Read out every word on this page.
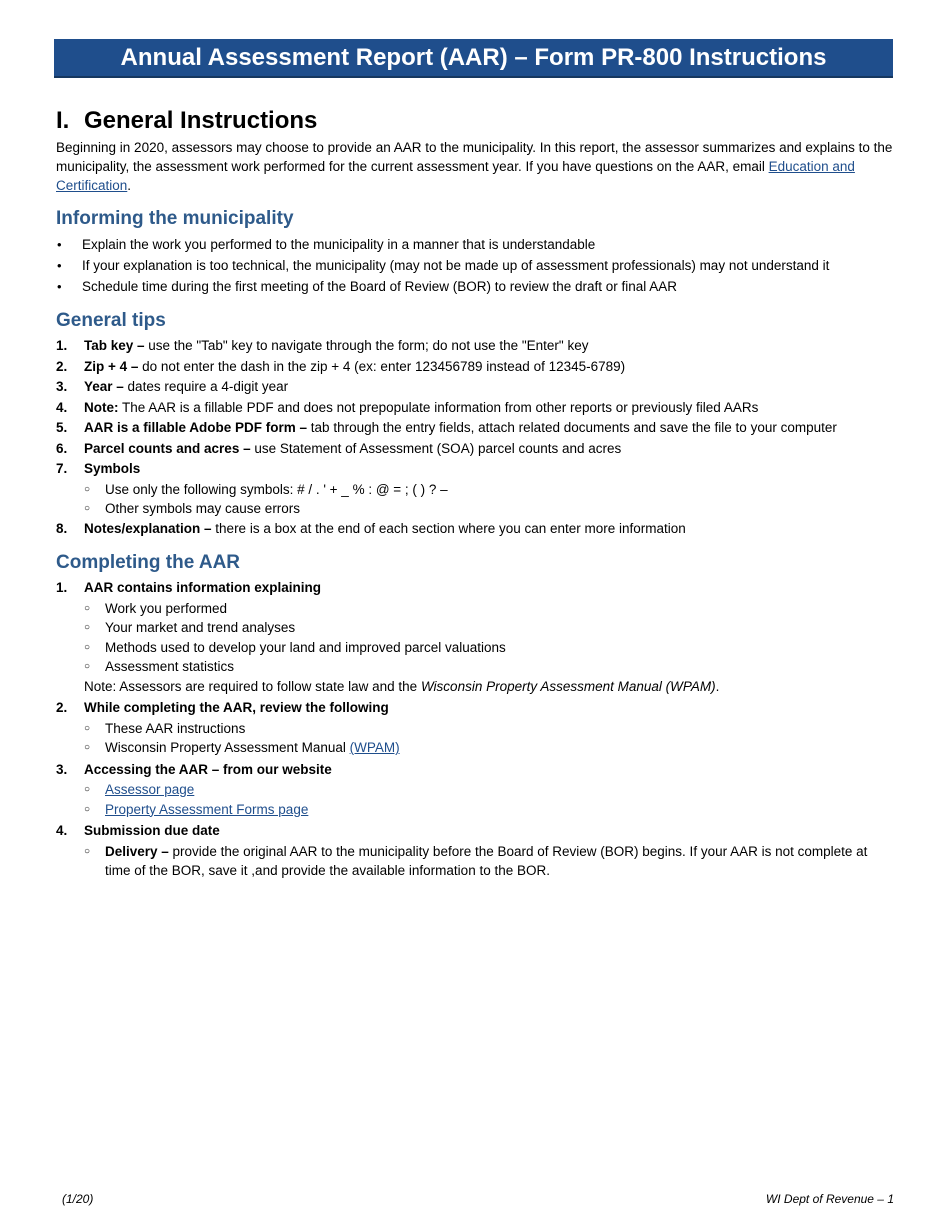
Annual Assessment Report (AAR) – Form PR-800 Instructions
I. General Instructions

Beginning in 2020, assessors may choose to provide an AAR to the municipality. In this report, the assessor summarizes and explains to the municipality, the assessment work performed for the current assessment year. If you have questions on the AAR, email Education and Certification.

Informing the municipality
• Explain the work you performed to the municipality in a manner that is understandable
• If your explanation is too technical, the municipality (may not be made up of assessment professionals) may not understand it
• Schedule time during the first meeting of the Board of Review (BOR) to review the draft or final AAR
General tips
1. Tab key – use the "Tab" key to navigate through the form; do not use the "Enter" key
2. Zip + 4 – do not enter the dash in the zip + 4 (ex: enter 123456789 instead of 12345-6789)
3. Year – dates require a 4-digit year
4. Note: The AAR is a fillable PDF and does not prepopulate information from other reports or previously filed AARs
5. AAR is a fillable Adobe PDF form – tab through the entry fields, attach related documents and save the file to your computer
6. Parcel counts and acres – use Statement of Assessment (SOA) parcel counts and acres
7. Symbols
○ Use only the following symbols: # / . ' + _ % : @ = ; ( ) ? –
○ Other symbols may cause errors
8. Notes/explanation – there is a box at the end of each section where you can enter more information
Completing the AAR
1. AAR contains information explaining
○ Work you performed
○ Your market and trend analyses
○ Methods used to develop your land and improved parcel valuations
○ Assessment statistics
Note: Assessors are required to follow state law and the Wisconsin Property Assessment Manual (WPAM).
2. While completing the AAR, review the following
○ These AAR instructions
○ Wisconsin Property Assessment Manual (WPAM)
3. Accessing the AAR – from our website
○ Assessor page
○ Property Assessment Forms page
4. Submission due date
○ Delivery – provide the original AAR to the municipality before the Board of Review (BOR) begins. If your AAR is not complete at time of the BOR, save it ,and provide the available information to the BOR.
(1/20)	WI Dept of Revenue – 1
